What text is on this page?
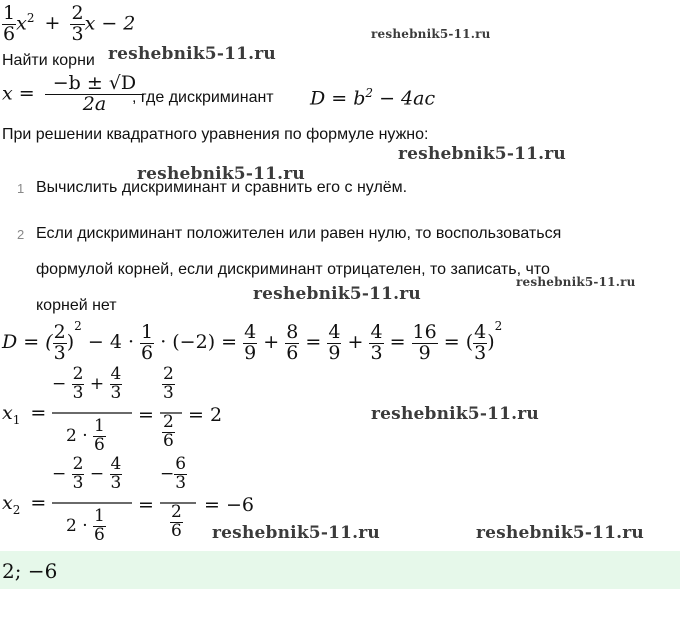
$\frac{1}{6} x^2 + \frac{2}{3}$ x − 2
Найти корни
$x = \frac{-b \pm √D}{2a}$
, где дискриминант $D = b^2 - 4ac$
При решении квадратного уравнения по формуле нужно:
1 Вычислить дискриминант и сравнить его с нулём.
2 Если дискриминант положителен или равен нулю, то воспользоваться
формулой корней, если дискриминант отрицателен, то записать, что
корней нет
D = ( $\frac{2}{3} )^2 - 4 \cdot \frac{1}{6} \cdot (-2) = \frac{4}{9} + \frac{8}{6} = \frac{4}{9} + \frac{4}{3} = \frac{16}{9}$ = ( $\frac{4}{3} )^2$
$x_1$ =
− $\frac{2}{3} + \frac{4}{3}$
$2 \cdot \frac{1}{6}$
=
$\frac{2}{3}$
$\frac{2}{6} = 2$
$x_2$ =
− $\frac{2}{3} - \frac{4}{3}$
$2 \cdot \frac{1}{6}$
=
− $\frac{6}{3}$
$\frac{2}{6} = -6$
2; −6
reshebnik5-11.ru
reshebnik5-11.ru
reshebnik5-11.ru
reshebnik5-11.ru
reshebnik5-11.ru
reshebnik5-11.ru
reshebnik5-11.ru
reshebnik5-11.ru	reshebnik5-11.ru
